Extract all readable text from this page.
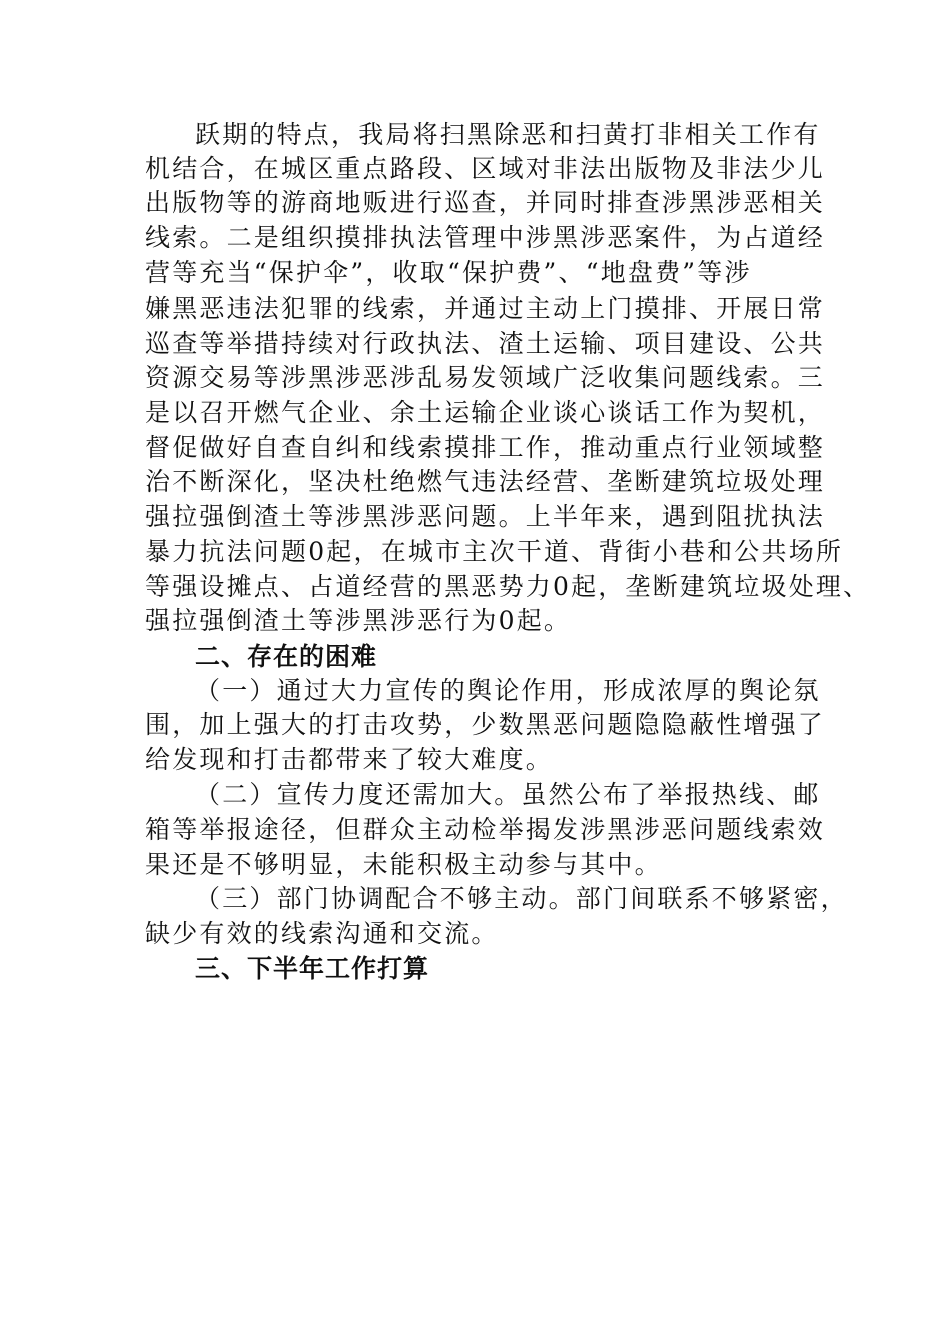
跃期的特点，我局将扫黑除恶和扫黄打非相关工作有
机结合，在城区重点路段、区域对非法出版物及非法少儿
出版物等的游商地贩进行巡查，并同时排查涉黑涉恶相关
线索。二是组织摸排执法管理中涉黑涉恶案件，为占道经
营等充当“保护伞”，收取“保护费”、“地盘费”等涉
嫌黑恶违法犯罪的线索，并通过主动上门摸排、开展日常
巡查等举措持续对行政执法、渣土运输、项目建设、公共
资源交易等涉黑涉恶涉乱易发领域广泛收集问题线索。三
是以召开燃气企业、余土运输企业谈心谈话工作为契机，
督促做好自查自纠和线索摸排工作，推动重点行业领域整
治不断深化，坚决杜绝燃气违法经营、垄断建筑垃圾处理
强拉强倒渣土等涉黑涉恶问题。上半年来，遇到阻扰执法
暴力抗法问题0起，在城市主次干道、背街小巷和公共场所
等强设摊点、占道经营的黑恶势力0起，垄断建筑垃圾处理、
强拉强倒渣土等涉黑涉恶行为0起。
二、存在的困难
（一）通过大力宣传的舆论作用，形成浓厚的舆论氛
围，加上强大的打击攻势，少数黑恶问题隐隐蔽性增强了
给发现和打击都带来了较大难度。
（二）宣传力度还需加大。虽然公布了举报热线、邮
箱等举报途径，但群众主动检举揭发涉黑涉恶问题线索效
果还是不够明显，未能积极主动参与其中。
（三）部门协调配合不够主动。部门间联系不够紧密，
缺少有效的线索沟通和交流。
三、下半年工作打算
